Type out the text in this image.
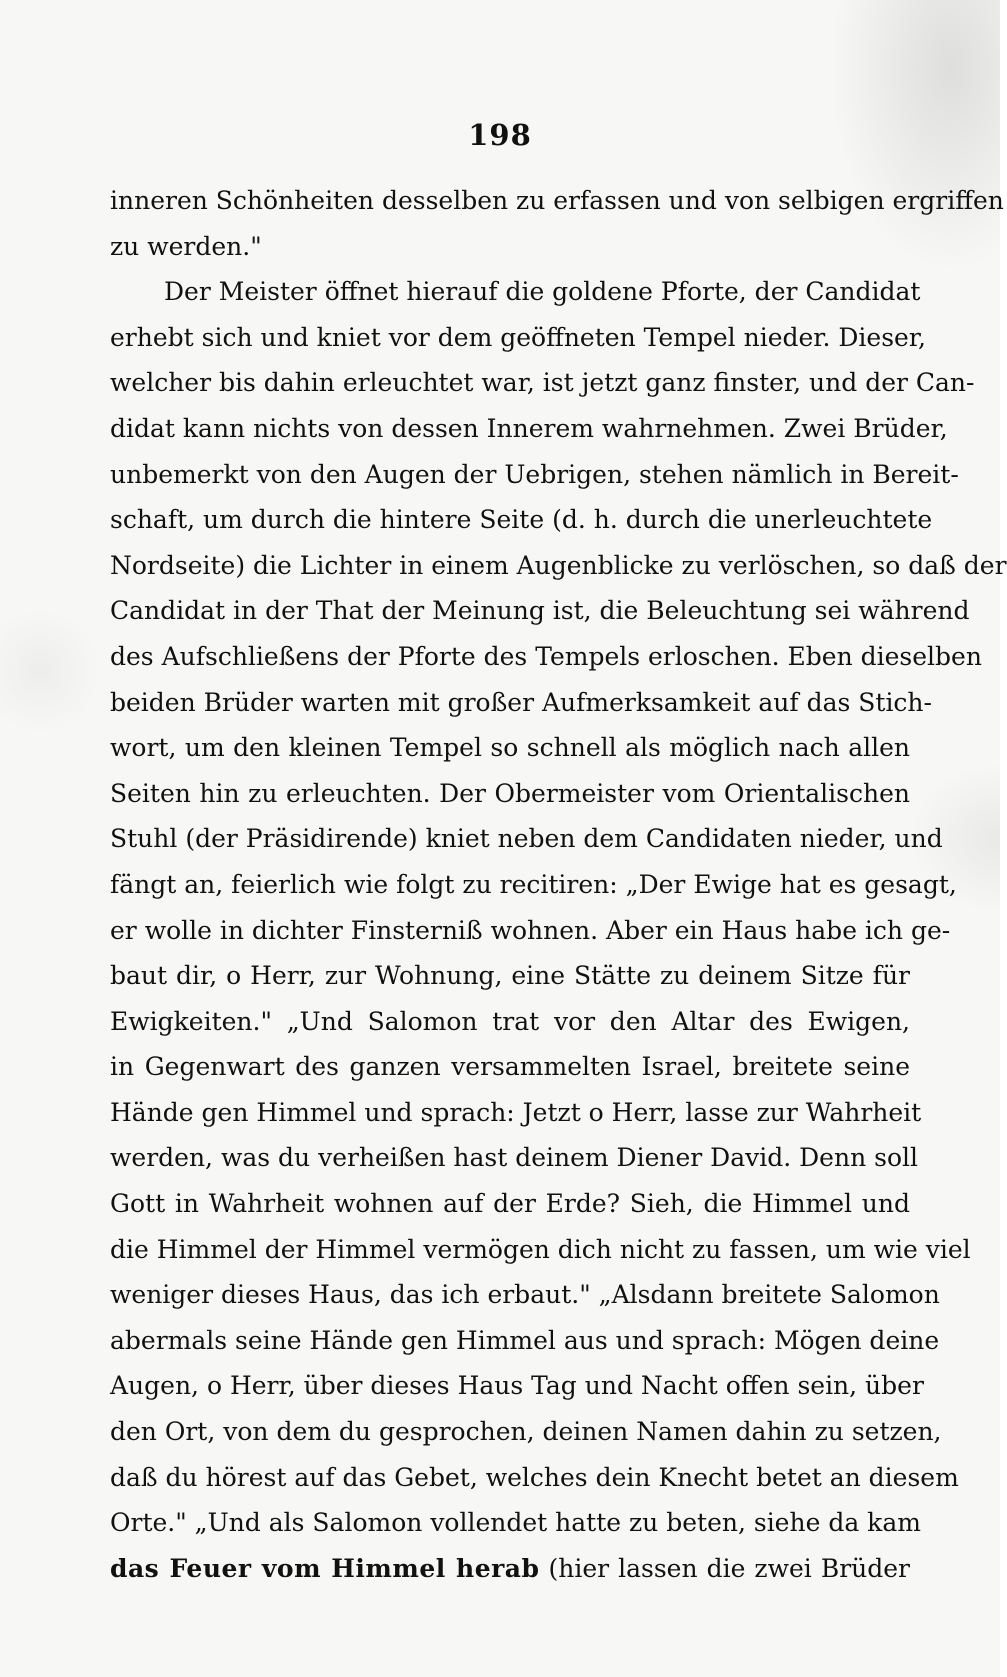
198
inneren Schönheiten desselben zu erfassen und von selbigen ergriffen
zu werden."
Der Meister öffnet hierauf die goldene Pforte, der Candidat
erhebt sich und kniet vor dem geöffneten Tempel nieder. Dieser,
welcher bis dahin erleuchtet war, ist jetzt ganz finster, und der Can-
didat kann nichts von dessen Innerem wahrnehmen. Zwei Brüder,
unbemerkt von den Augen der Uebrigen, stehen nämlich in Bereit-
schaft, um durch die hintere Seite (d. h. durch die unerleuchtete
Nordseite) die Lichter in einem Augenblicke zu verlöschen, so daß der
Candidat in der That der Meinung ist, die Beleuchtung sei während
des Aufschließens der Pforte des Tempels erloschen. Eben dieselben
beiden Brüder warten mit großer Aufmerksamkeit auf das Stich-
wort, um den kleinen Tempel so schnell als möglich nach allen
Seiten hin zu erleuchten. Der Obermeister vom Orientalischen
Stuhl (der Präsidirende) kniet neben dem Candidaten nieder, und
fängt an, feierlich wie folgt zu recitiren: „Der Ewige hat es gesagt,
er wolle in dichter Finsterniß wohnen. Aber ein Haus habe ich ge-
baut dir, o Herr, zur Wohnung, eine Stätte zu deinem Sitze für
Ewigkeiten." „Und Salomon trat vor den Altar des Ewigen,
in Gegenwart des ganzen versammelten Israel, breitete seine
Hände gen Himmel und sprach: Jetzt o Herr, lasse zur Wahrheit
werden, was du verheißen hast deinem Diener David. Denn soll
Gott in Wahrheit wohnen auf der Erde? Sieh, die Himmel und
die Himmel der Himmel vermögen dich nicht zu fassen, um wie viel
weniger dieses Haus, das ich erbaut." „Alsdann breitete Salomon
abermals seine Hände gen Himmel aus und sprach: Mögen deine
Augen, o Herr, über dieses Haus Tag und Nacht offen sein, über
den Ort, von dem du gesprochen, deinen Namen dahin zu setzen,
daß du hörest auf das Gebet, welches dein Knecht betet an diesem
Orte." „Und als Salomon vollendet hatte zu beten, siehe da kam
das Feuer vom Himmel herab (hier lassen die zwei Brüder
